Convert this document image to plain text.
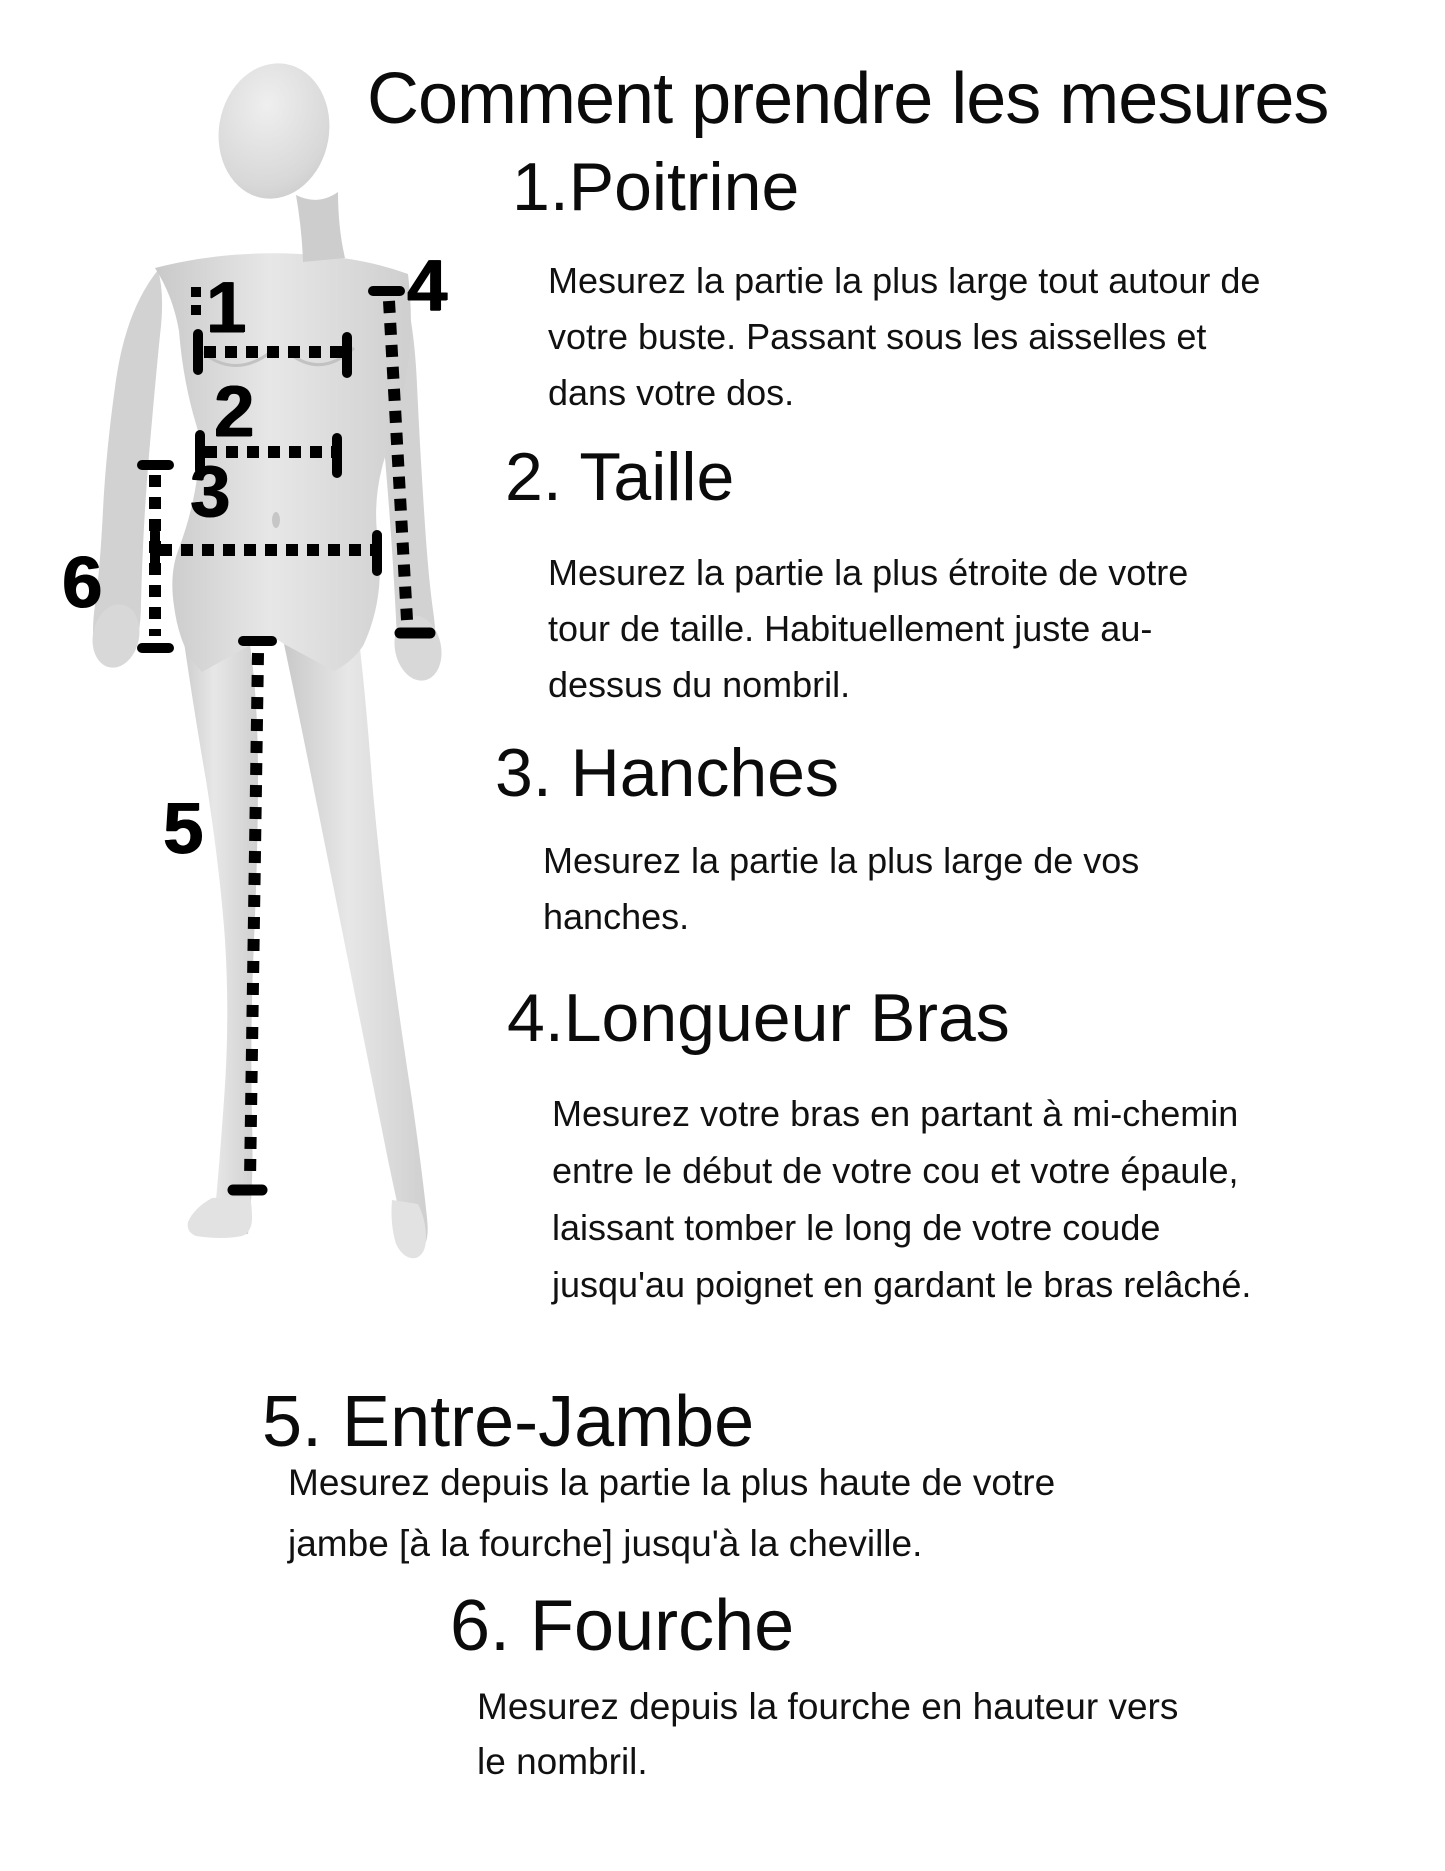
1
2
3
4
5
6
Comment prendre les mesures
1.Poitrine
Mesurez la partie la plus large tout autour de
votre buste. Passant sous les aisselles et
dans votre dos.
2. Taille
Mesurez la partie la plus étroite de votre
tour de taille. Habituellement juste au-
dessus du nombril.
3. Hanches
Mesurez la partie la plus large de vos
hanches.
4.Longueur Bras
Mesurez votre bras en partant à mi-chemin
entre le début de votre cou et votre épaule,
laissant tomber le long de votre coude
jusqu'au poignet en gardant le bras relâché.
5. Entre-Jambe
Mesurez depuis la partie la plus haute de votre
jambe [à la fourche] jusqu'à la cheville.
6. Fourche
Mesurez depuis la fourche en hauteur vers
le nombril.
